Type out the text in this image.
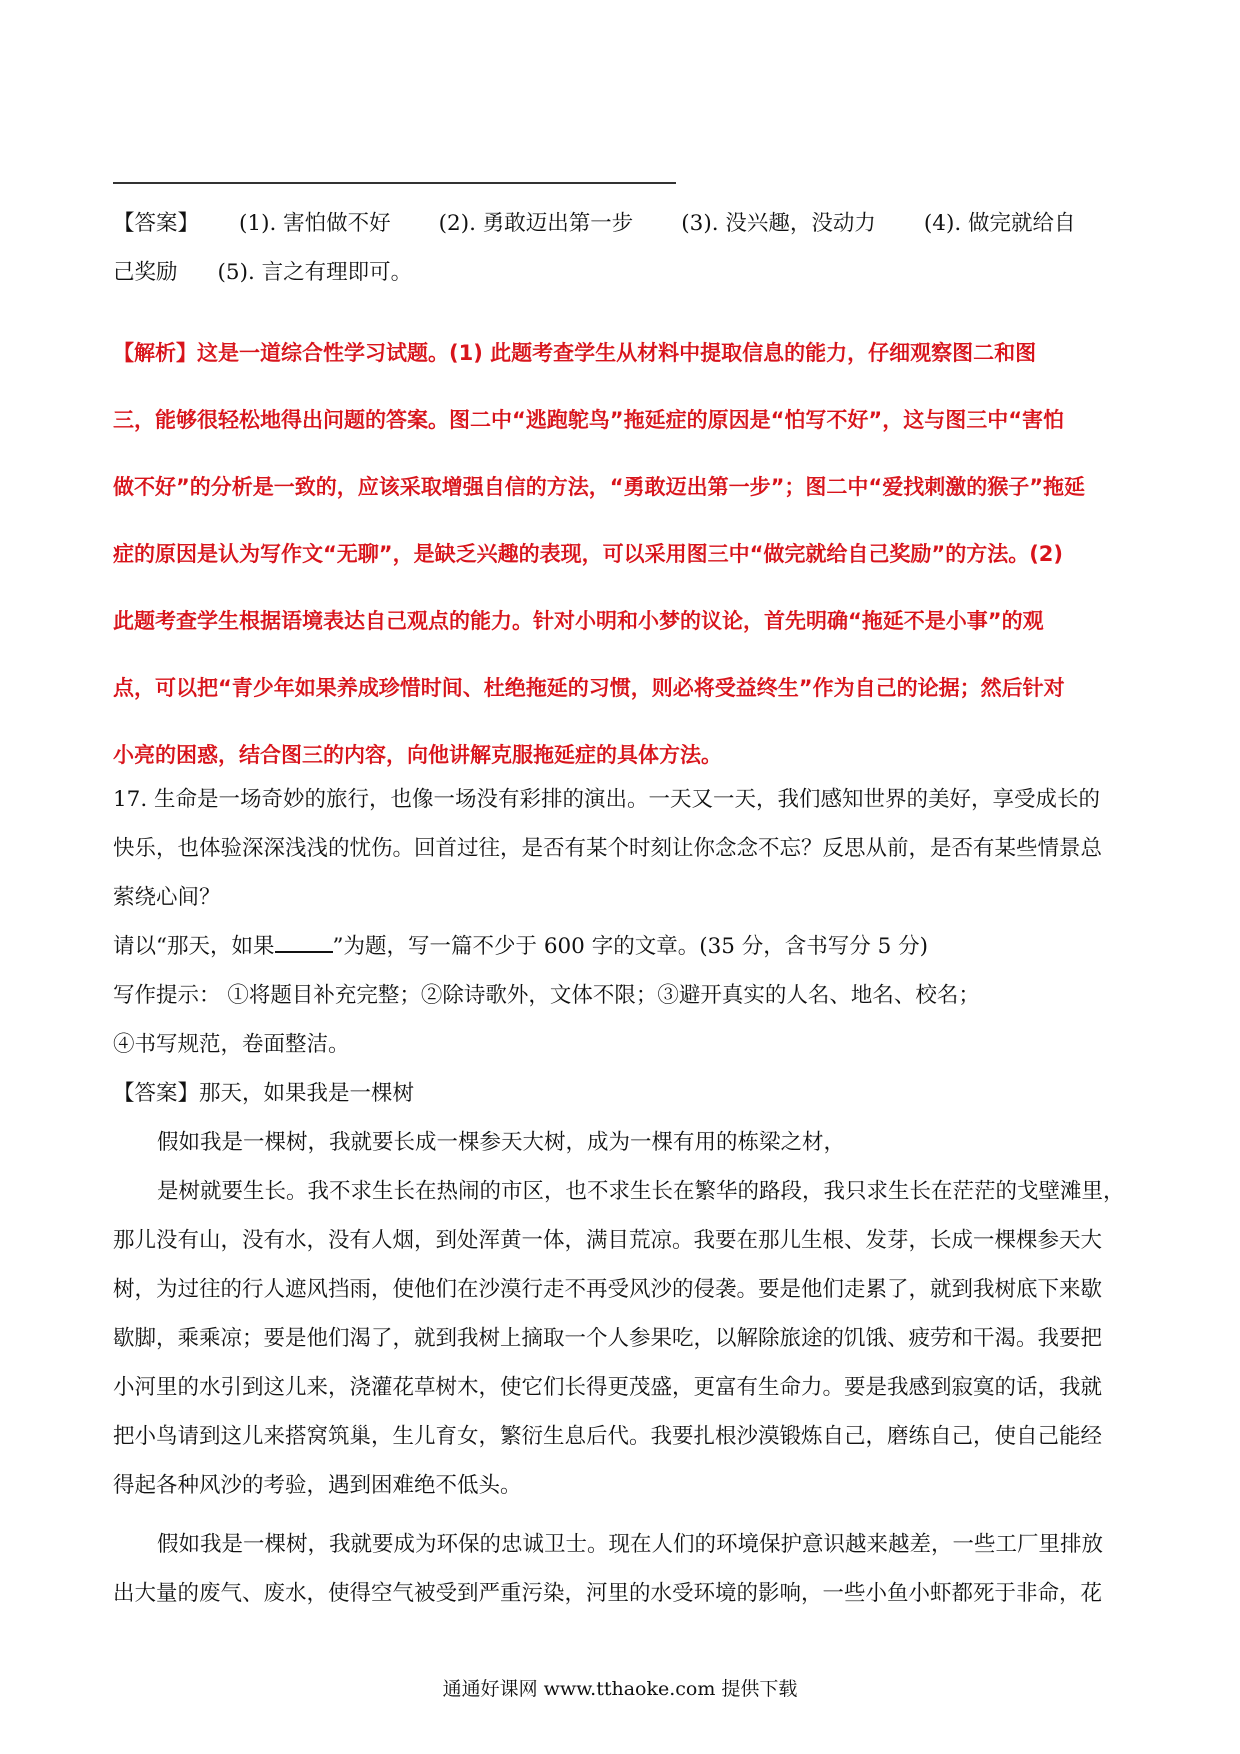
【答案】 (1). 害怕做不好 (2). 勇敢迈出第一步 (3). 没兴趣，没动力 (4). 做完就给自
己奖励 (5). 言之有理即可。
【解析】这是一道综合性学习试题。(1) 此题考查学生从材料中提取信息的能力，仔细观察图二和图
三，能够很轻松地得出问题的答案。图二中“逃跑鸵鸟”拖延症的原因是“怕写不好”，这与图三中“害怕
做不好”的分析是一致的，应该采取增强自信的方法，“勇敢迈出第一步”；图二中“爱找刺激的猴子”拖延
症的原因是认为写作文“无聊”，是缺乏兴趣的表现，可以采用图三中“做完就给自己奖励”的方法。(2)
此题考查学生根据语境表达自己观点的能力。针对小明和小梦的议论，首先明确“拖延不是小事”的观
点，可以把“青少年如果养成珍惜时间、杜绝拖延的习惯，则必将受益终生”作为自己的论据；然后针对
小亮的困惑，结合图三的内容，向他讲解克服拖延症的具体方法。
17. 生命是一场奇妙的旅行，也像一场没有彩排的演出。一天又一天，我们感知世界的美好，享受成长的
快乐，也体验深深浅浅的忧伤。回首过往，是否有某个时刻让你念念不忘？反思从前，是否有某些情景总
萦绕心间？
请以“那天，如果	”为题，写一篇不少于 600 字的文章。(35 分，含书写分 5 分)
写作提示： ①将题目补充完整；②除诗歌外，文体不限；③避开真实的人名、地名、校名；
④书写规范，卷面整洁。
【答案】那天，如果我是一棵树
假如我是一棵树，我就要长成一棵参天大树，成为一棵有用的栋梁之材，
是树就要生长。我不求生长在热闹的市区，也不求生长在繁华的路段，我只求生长在茫茫的戈壁滩里，
那儿没有山，没有水，没有人烟，到处浑黄一体，满目荒凉。我要在那儿生根、发芽，长成一棵棵参天大
树，为过往的行人遮风挡雨，使他们在沙漠行走不再受风沙的侵袭。要是他们走累了，就到我树底下来歇
歇脚，乘乘凉；要是他们渴了，就到我树上摘取一个人参果吃，以解除旅途的饥饿、疲劳和干渴。我要把
小河里的水引到这儿来，浇灌花草树木，使它们长得更茂盛，更富有生命力。要是我感到寂寞的话，我就
把小鸟请到这儿来搭窝筑巢，生儿育女，繁衍生息后代。我要扎根沙漠锻炼自己，磨练自己，使自己能经
得起各种风沙的考验，遇到困难绝不低头。
假如我是一棵树，我就要成为环保的忠诚卫士。现在人们的环境保护意识越来越差，一些工厂里排放
出大量的废气、废水，使得空气被受到严重污染，河里的水受环境的影响，一些小鱼小虾都死于非命，花
通通好课网 www.tthaoke.com 提供下载
